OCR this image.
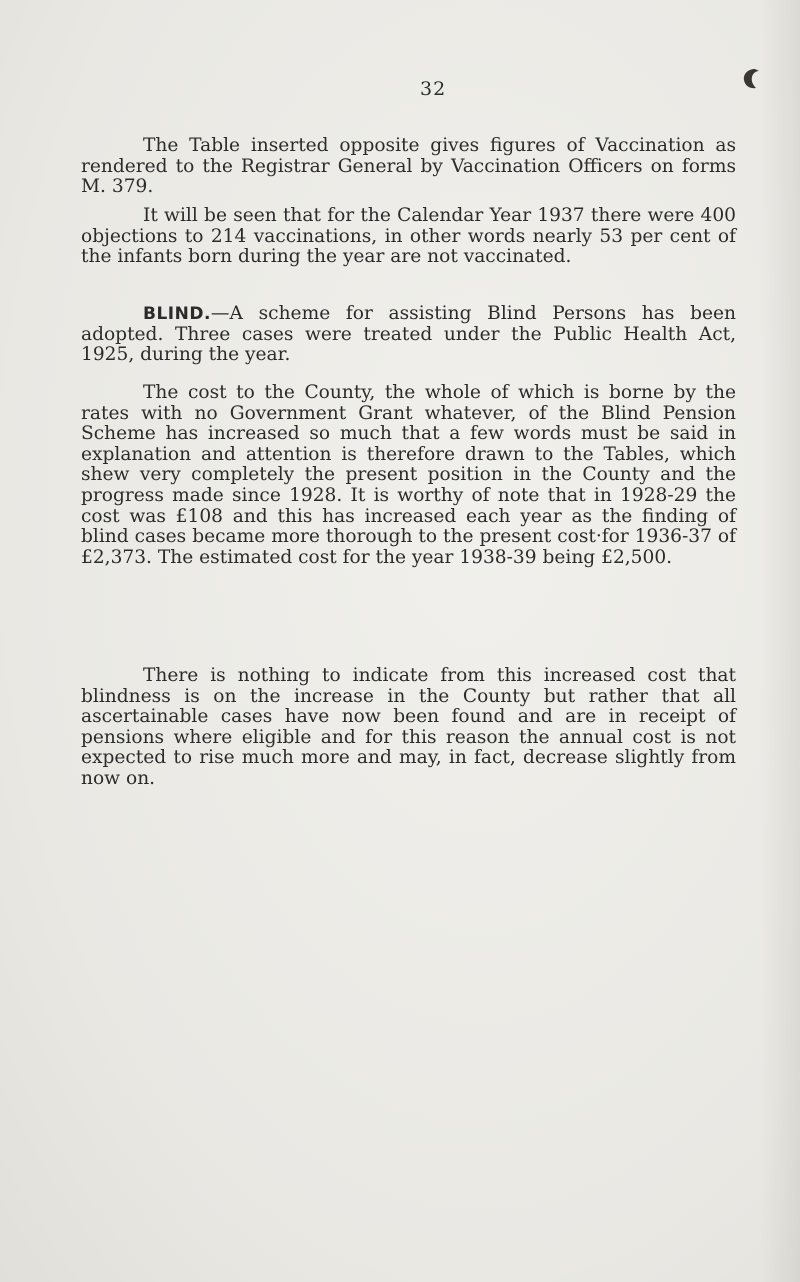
32

The Table inserted opposite gives figures of Vaccination as rendered to the Registrar General by Vaccination Officers on forms M. 379.

It will be seen that for the Calendar Year 1937 there were 400 objections to 214 vaccinations, in other words nearly 53 per cent of the infants born during the year are not vaccinated.

BLIND.—A scheme for assisting Blind Persons has been adopted. Three cases were treated under the Public Health Act, 1925, during the year.

The cost to the County, the whole of which is borne by the rates with no Government Grant whatever, of the Blind Pension Scheme has increased so much that a few words must be said in explanation and attention is therefore drawn to the Tables, which shew very completely the present position in the County and the progress made since 1928. It is worthy of note that in 1928-29 the cost was £108 and this has increased each year as the finding of blind cases became more thorough to the present cost·for 1936-37 of £2,373. The estimated cost for the year 1938-39 being £2,500.

There is nothing to indicate from this increased cost that blindness is on the increase in the County but rather that all ascertainable cases have now been found and are in receipt of pensions where eligible and for this reason the annual cost is not expected to rise much more and may, in fact, decrease slightly from now on.
